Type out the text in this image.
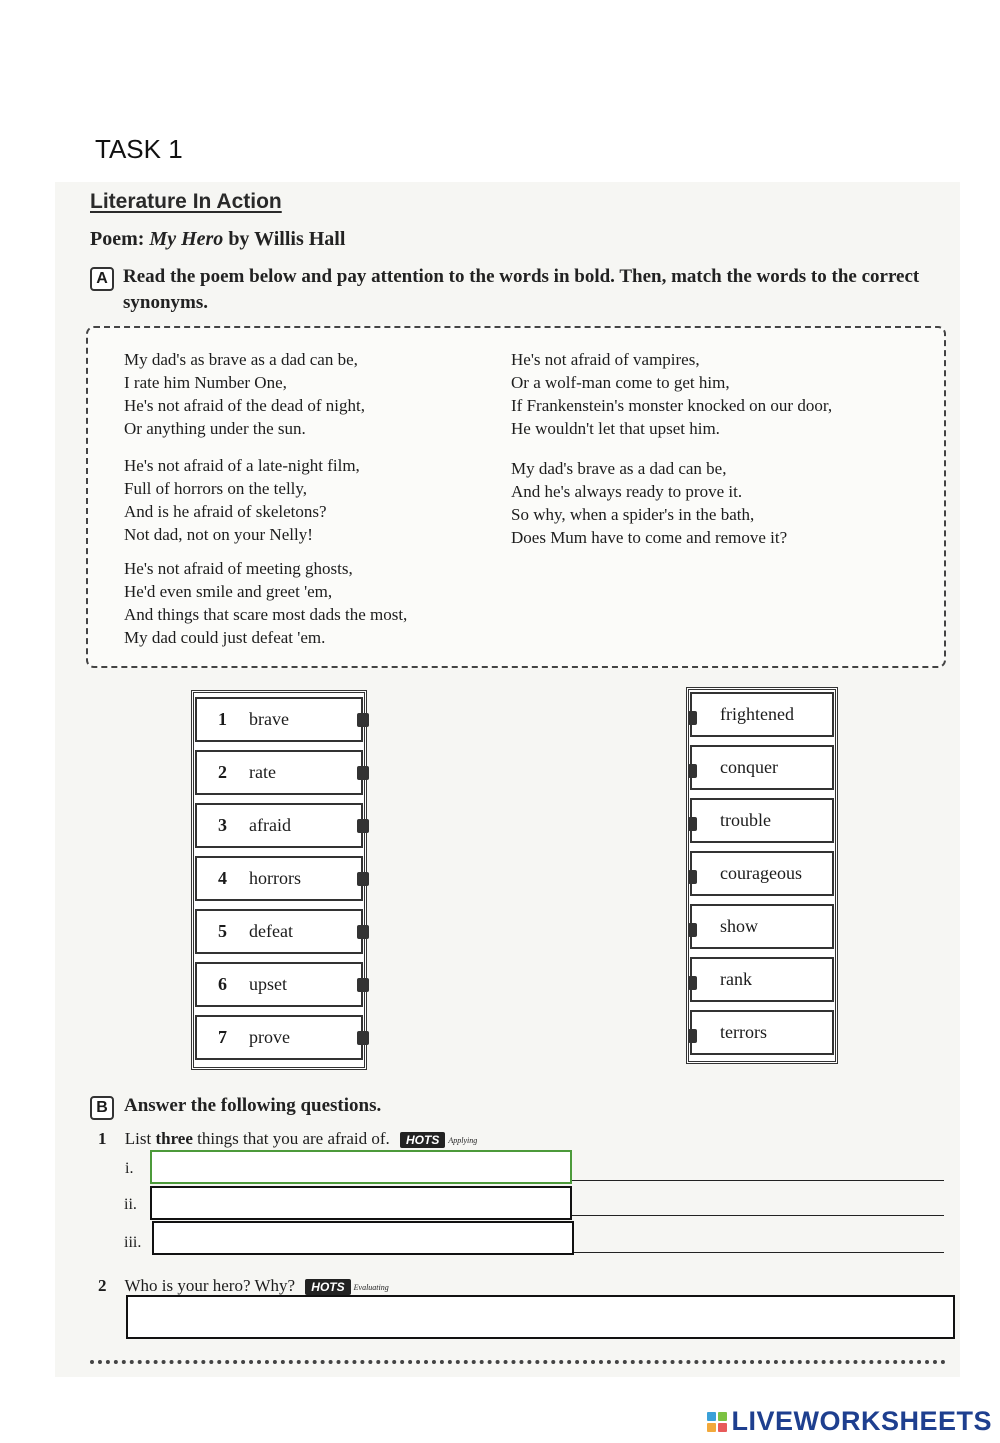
TASK 1
Literature In Action
Poem: My Hero by Willis Hall
A Read the poem below and pay attention to the words in bold. Then, match the words to the correct
synonyms.
My dad's as brave as a dad can be,
I rate him Number One,
He's not afraid of the dead of night,
Or anything under the sun.
He's not afraid of a late-night film,
Full of horrors on the telly,
And is he afraid of skeletons?
Not dad, not on your Nelly!
He's not afraid of meeting ghosts,
He'd even smile and greet 'em,
And things that scare most dads the most,
My dad could just defeat 'em.
He's not afraid of vampires,
Or a wolf-man come to get him,
If Frankenstein's monster knocked on our door,
He wouldn't let that upset him.
My dad's brave as a dad can be,
And he's always ready to prove it.
So why, when a spider's in the bath,
Does Mum have to come and remove it?
1 brave
2 rate
3 afraid
4 horrors
5 defeat
6 upset
7 prove
frightened
conquer
trouble
courageous
show
rank
terrors
B Answer the following questions.
1 List three things that you are afraid of. HOTS Applying
i.
ii.
iii.
2 Who is your hero? Why? HOTS Evaluating
LIVEWORKSHEETS
